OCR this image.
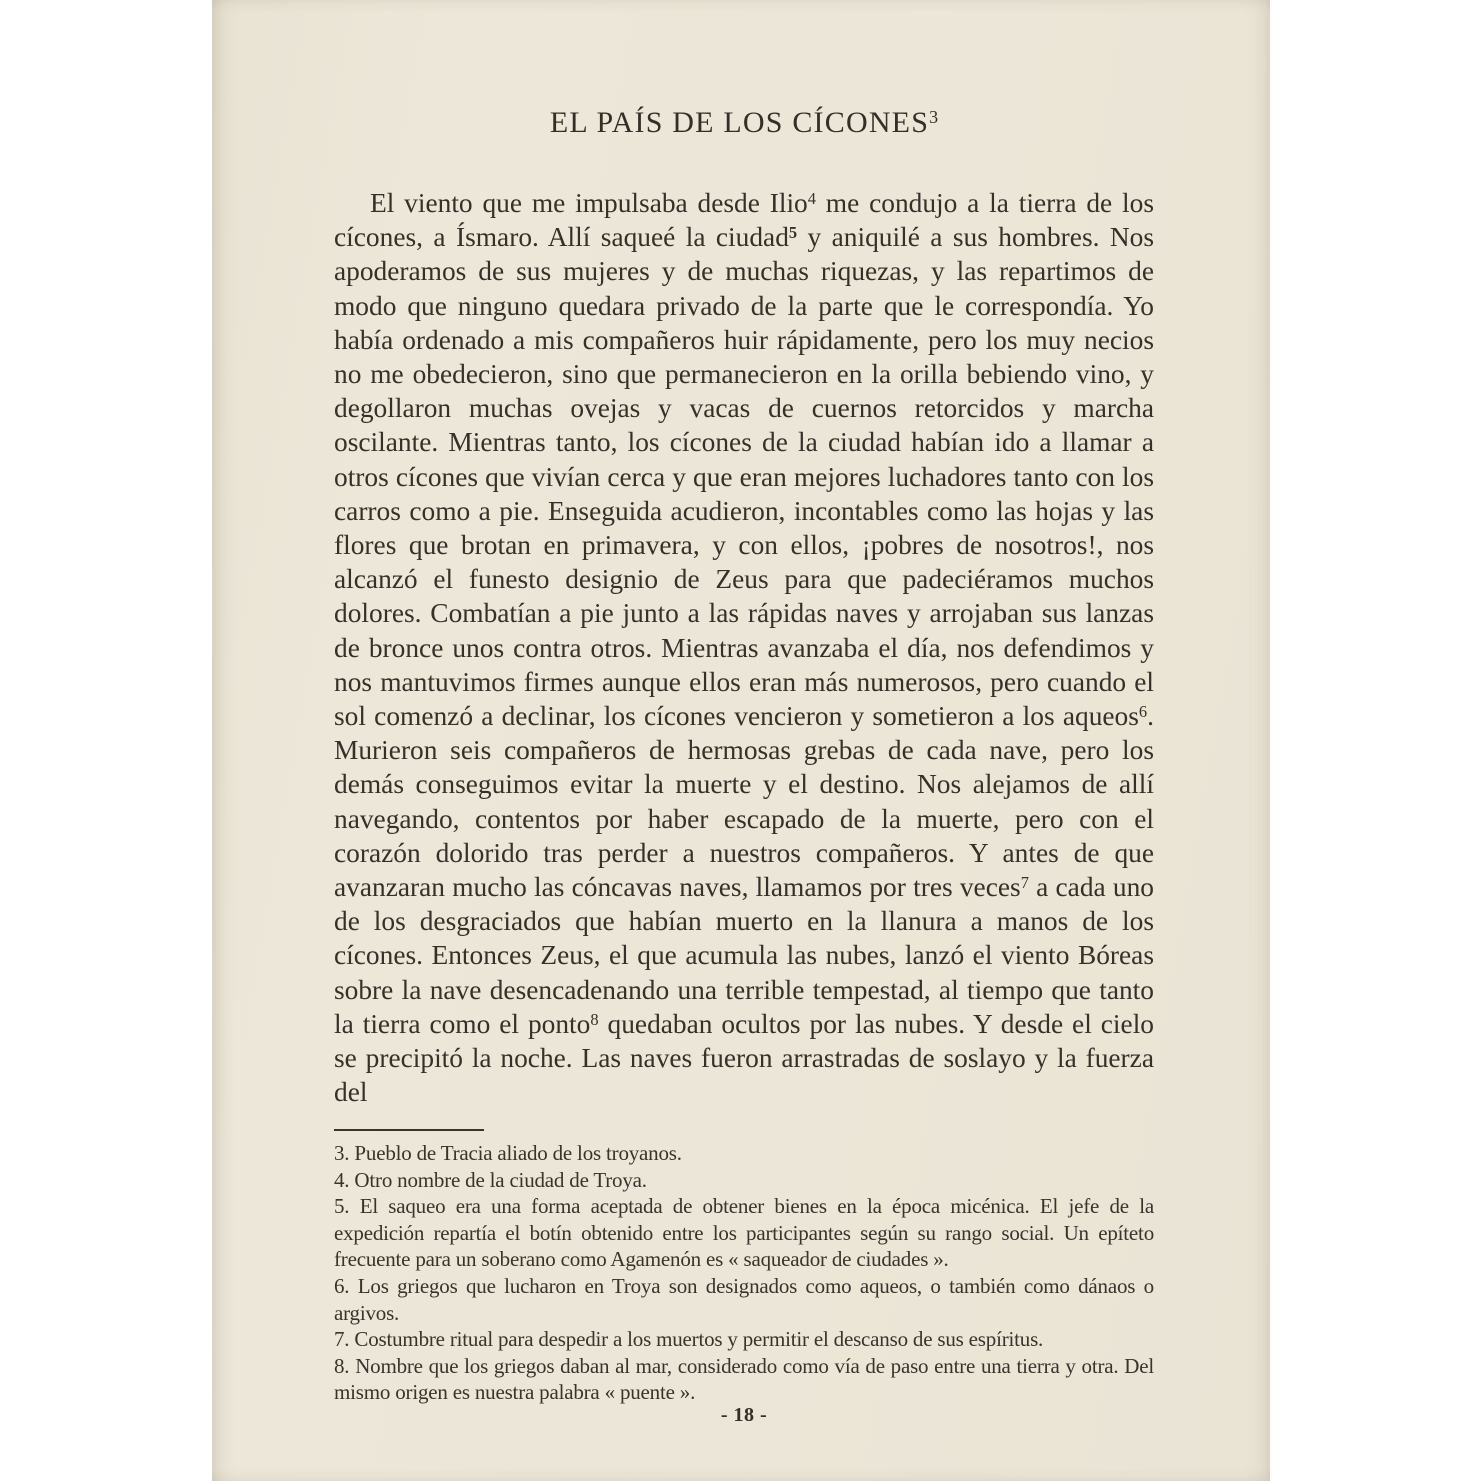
EL PAÍS DE LOS CÍCONES$^3$

El viento que me impulsaba desde Ilio$^4$ me condujo a la tierra de los cícones, a Ísmaro. Allí saqueé la ciudad$^5$ y aniquilé a sus hombres. Nos apoderamos de sus mujeres y de muchas riquezas, y las repartimos de modo que ninguno quedara privado de la parte que le correspondía. Yo había ordenado a mis compañeros huir rápidamente, pero los muy necios no me obedecieron, sino que permanecieron en la orilla bebiendo vino, y degollaron muchas ovejas y vacas de cuernos retorcidos y marcha oscilante. Mientras tanto, los cícones de la ciudad habían ido a llamar a otros cícones que vivían cerca y que eran mejores luchadores tanto con los carros como a pie. Enseguida acudieron, incontables como las hojas y las flores que brotan en primavera, y con ellos, ¡pobres de nosotros!, nos alcanzó el funesto designio de Zeus para que padeciéramos muchos dolores. Combatían a pie junto a las rápidas naves y arrojaban sus lanzas de bronce unos contra otros. Mientras avanzaba el día, nos defendimos y nos mantuvimos firmes aunque ellos eran más numerosos, pero cuando el sol comenzó a declinar, los cícones vencieron y sometieron a los aqueos$^6$. Murieron seis compañeros de hermosas grebas de cada nave, pero los demás conseguimos evitar la muerte y el destino. Nos alejamos de allí navegando, contentos por haber escapado de la muerte, pero con el corazón dolorido tras perder a nuestros compañeros. Y antes de que avanzaran mucho las cóncavas naves, llamamos por tres veces$^7$ a cada uno de los desgraciados que habían muerto en la llanura a manos de los cícones. Entonces Zeus, el que acumula las nubes, lanzó el viento Bóreas sobre la nave desencadenando una terrible tempestad, al tiempo que tanto la tierra como el ponto$^8$ quedaban ocultos por las nubes. Y desde el cielo se precipitó la noche. Las naves fueron arrastradas de soslayo y la fuerza del

3. Pueblo de Tracia aliado de los troyanos.

4. Otro nombre de la ciudad de Troya.

5. El saqueo era una forma aceptada de obtener bienes en la época micénica. El jefe de la expedición repartía el botín obtenido entre los participantes según su rango social. Un epíteto frecuente para un soberano como Agamenón es « saqueador de ciudades ».

6. Los griegos que lucharon en Troya son designados como aqueos, o también como dánaos o argivos.

7. Costumbre ritual para despedir a los muertos y permitir el descanso de sus espíritus.

8. Nombre que los griegos daban al mar, considerado como vía de paso entre una tierra y otra. Del mismo origen es nuestra palabra « puente ».

- 18 -
